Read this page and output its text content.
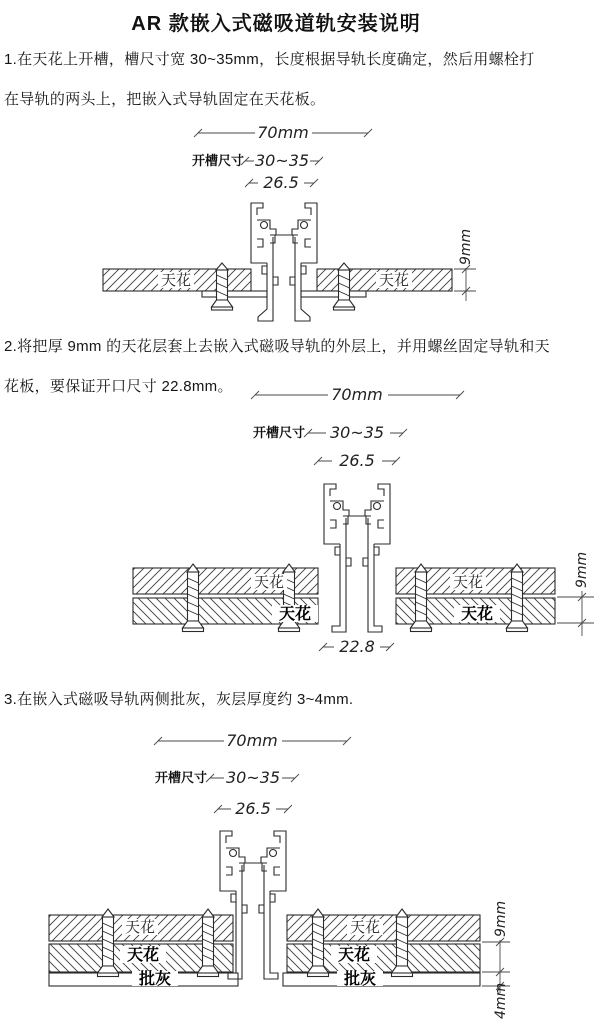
AR 款嵌入式磁吸道轨安装说明
1.在天花上开槽，槽尺寸宽 30~35mm，长度根据导轨长度确定，然后用螺栓打
在导轨的两头上，把嵌入式导轨固定在天花板。
70mm
开槽尺寸 30~35
26.5
天花	天花
9mm
2.将把厚 9mm 的天花层套上去嵌入式磁吸导轨的外层上，并用螺丝固定导轨和天
花板，要保证开口尺寸 22.8mm。	70mm
开槽尺寸 30~35
26.5
天花	天花
天花	天花
22.8
9mm
3.在嵌入式磁吸导轨两侧批灰，灰层厚度约 3~4mm.
70mm
开槽尺寸 30~35
26.5
天花	天花
天花	天花
批灰	批灰
9mm
4mm
